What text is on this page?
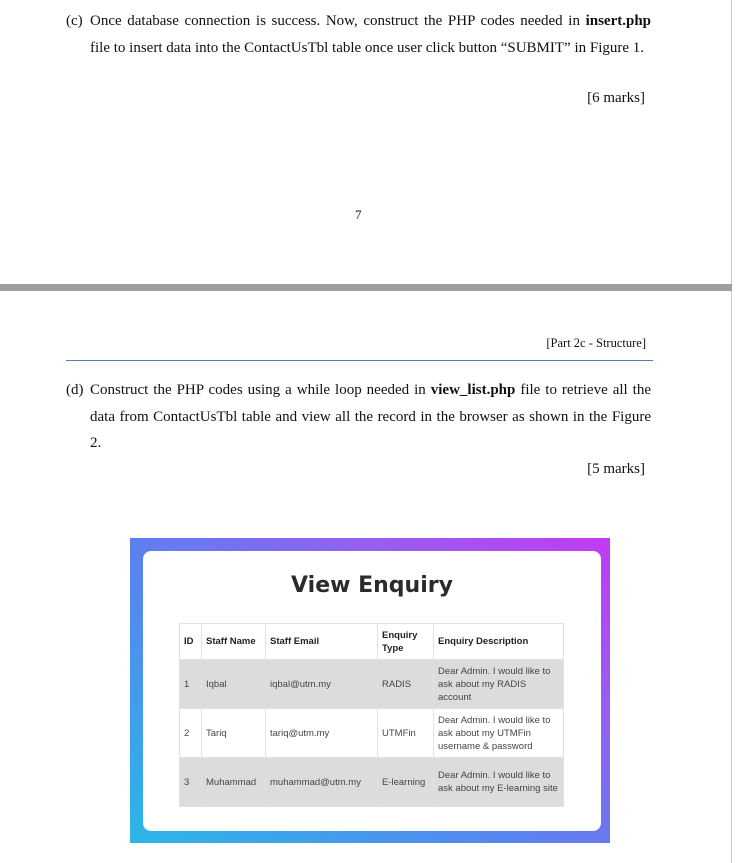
(c) Once database connection is success. Now, construct the PHP codes needed in insert.php file to insert data into the ContactUsTbl table once user click button “SUBMIT” in Figure 1.
[6 marks]
7
[Part 2c - Structure]
(d) Construct the PHP codes using a while loop needed in view_list.php file to retrieve all the data from ContactUsTbl table and view all the record in the browser as shown in the Figure 2.
[5 marks]
View Enquiry
ID	Staff Name	Staff Email	Enquiry Type	Enquiry Description
1	Iqbal	iqbal@utm.my	RADIS	Dear Admin. I would like to ask about my RADIS account
2	Tariq	tariq@utm.my	UTMFin	Dear Admin. I would like to ask about my UTMFin username & password
3	Muhammad	muhammad@utm.my	E-learning	Dear Admin. I would like to ask about my E-learning site
